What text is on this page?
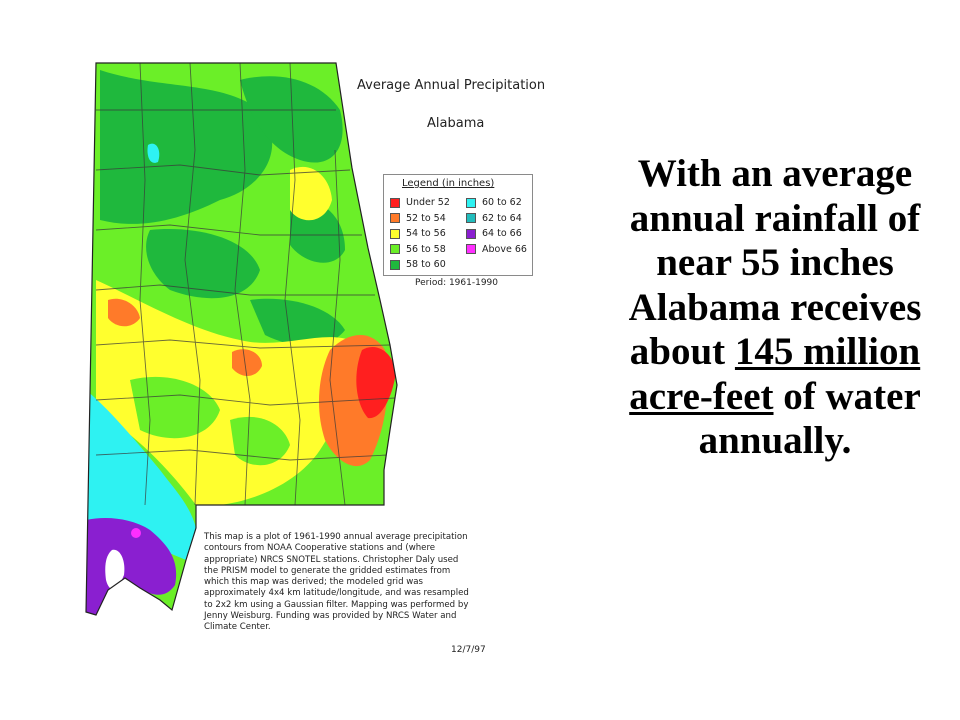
Average Annual Precipitation
Alabama
Legend (in inches)
Under 52
52 to 54
54 to 56
56 to 58
58 to 60
60 to 62
62 to 64
64 to 66
Above 66
Period: 1961-1990
This map is a plot of 1961-1990 annual average precipitation contours from NOAA Cooperative stations and (where appropriate) NRCS SNOTEL stations. Christopher Daly used the PRISM model to generate the gridded estimates from which this map was derived; the modeled grid was approximately 4x4 km latitude/longitude, and was resampled to 2x2 km using a Gaussian filter. Mapping was performed by Jenny Weisburg. Funding was provided by NRCS Water and Climate Center.
12/7/97
With an average
annual rainfall of
near 55 inches
Alabama receives
about 145 million
acre-feet of water
annually.
